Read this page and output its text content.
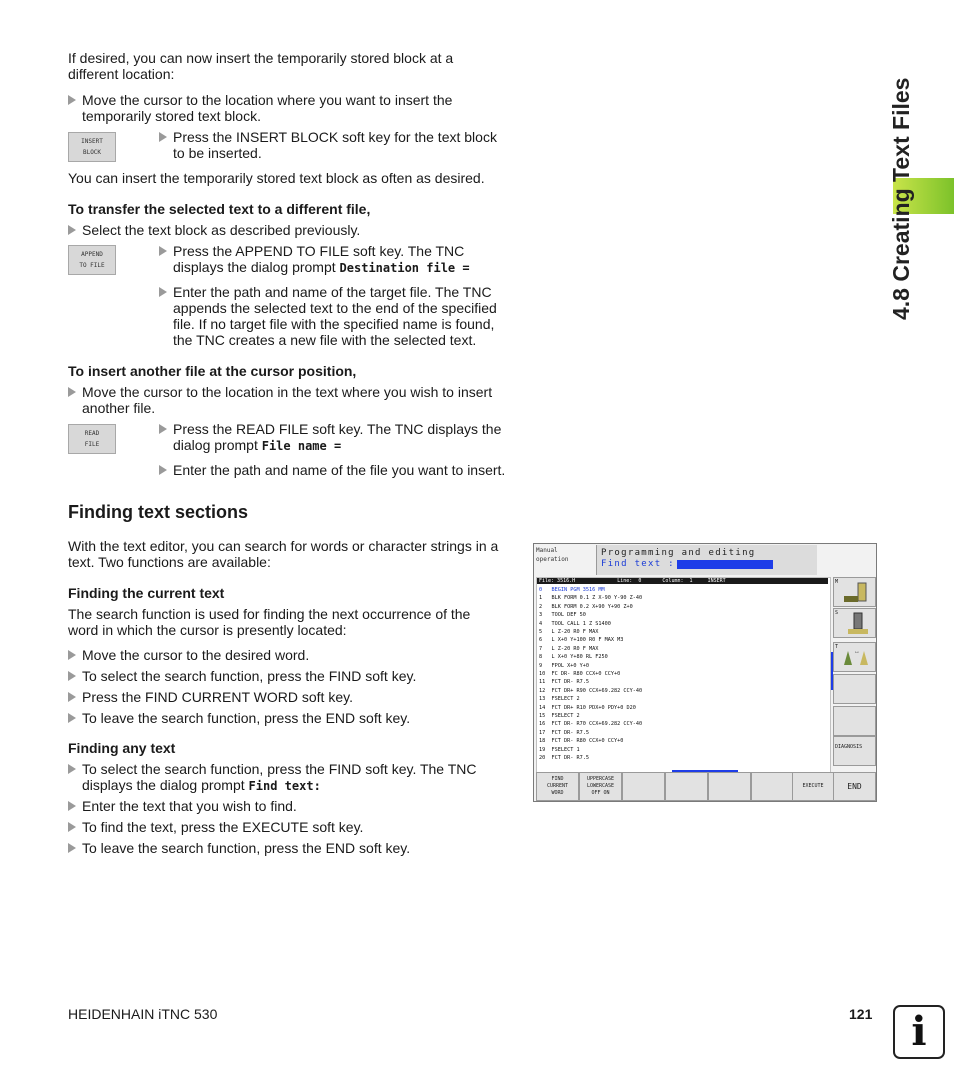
4.8 Creating Text Files
If desired, you can now insert the temporarily stored block at a different location:
Move the cursor to the location where you want to insert the temporarily stored text block.
INSERT
BLOCK
Press the INSERT BLOCK soft key for the text block to be inserted.
You can insert the temporarily stored text block as often as desired.
To transfer the selected text to a different file,
Select the text block as described previously.
APPEND
TO FILE
Press the APPEND TO FILE soft key. The TNC displays the dialog prompt Destination file =
Enter the path and name of the target file. The TNC appends the selected text to the end of the specified file. If no target file with the specified name is found, the TNC creates a new file with the selected text.
To insert another file at the cursor position,
Move the cursor to the location in the text where you wish to insert another file.
READ
FILE
Press the READ FILE soft key. The TNC displays the dialog prompt File name =
Enter the path and name of the file you want to insert.
Finding text sections
With the text editor, you can search for words or character strings in a text. Two functions are available:
Finding the current text
The search function is used for finding the next occurrence of the word in which the cursor is presently located:
Move the cursor to the desired word.
To select the search function, press the FIND soft key.
Press the FIND CURRENT WORD soft key.
To leave the search function, press the END soft key.
Finding any text
To select the search function, press the FIND soft key. The TNC displays the dialog prompt Find text:
Enter the text that you wish to find.
To find the text, press the EXECUTE soft key.
To leave the search function, press the END soft key.
Manual
operation
Programming and editing
Find text :
File: 3516.H              Line:  0       Column:  1     INSERT
0   BEGIN PGM 3516 MM
1   BLK FORM 0.1 Z X-90 Y-90 Z-40
2   BLK FORM 0.2 X+90 Y+90 Z+0
3   TOOL DEF 50
4   TOOL CALL 1 Z S1400
5   L Z-20 R0 F MAX
6   L X+0 Y+100 R0 F MAX M3
7   L Z-20 R0 F MAX
8   L X+0 Y+80 RL F250
9   FPOL X+0 Y+0
10  FC DR- R80 CCX+0 CCY+0
11  FCT DR- R7.5
12  FCT DR+ R90 CCX+69.282 CCY-40
13  FSELECT 2
14  FCT DR+ R10 PDX+0 PDY+0 D20
15  FSELECT 2
16  FCT DR- R70 CCX+69.282 CCY-40
17  FCT DR- R7.5
18  FCT DR- R80 CCX+0 CCY+0
19  FSELECT 1
20  FCT DR- R7.5
M
S
T
↔
DIAGNOSIS
FIND
CURRENT
WORD
UPPERCASE
LOWERCASE
OFF ON
EXECUTE	END
HEIDENHAIN iTNC 530	121 i
